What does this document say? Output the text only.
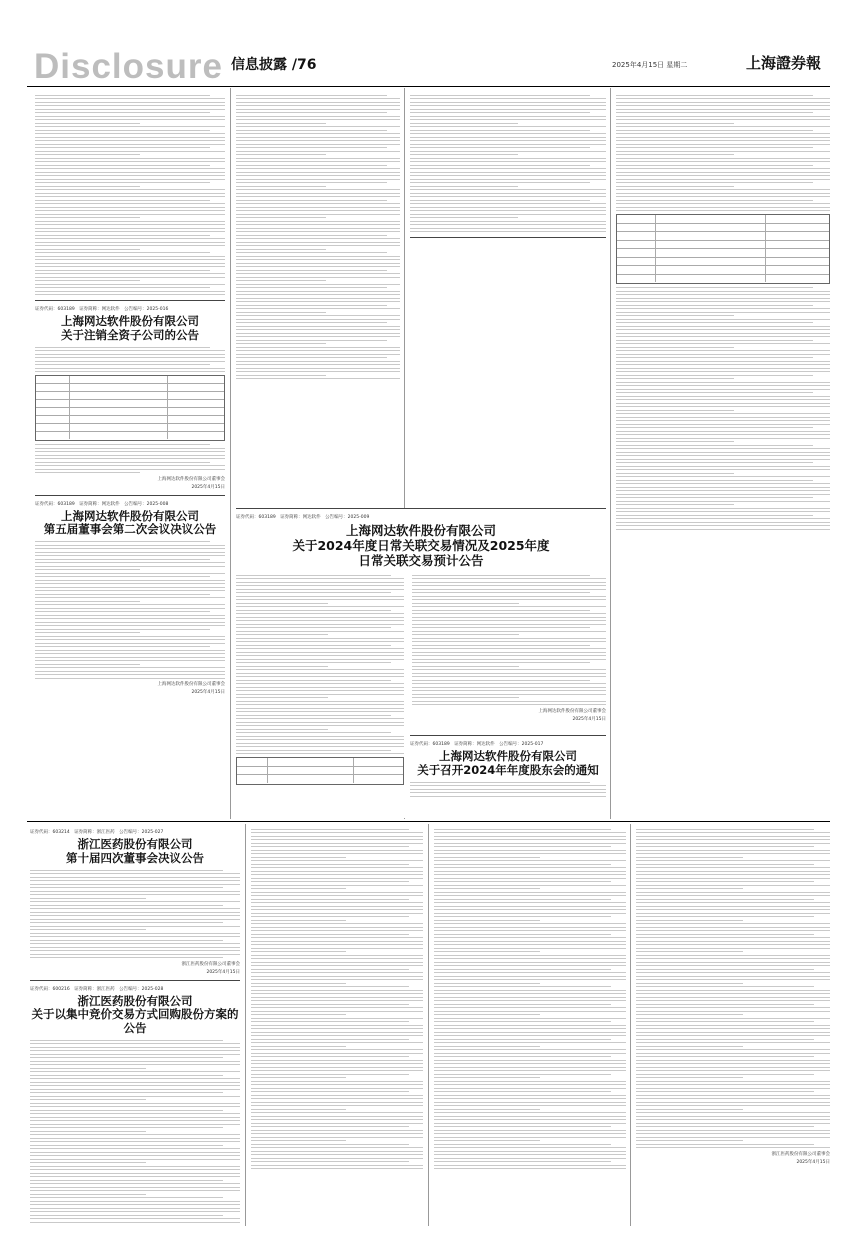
Disclosure 信息披露 /76	2025年4月15日 星期二	上海證券報
证券代码：603189　证券简称：网达软件　公告编号：2025-016
上海网达软件股份有限公司
关于注销全资子公司的公告
上海网达软件股份有限公司董事会
2025年4月15日
证券代码：603189　证券简称：网达软件　公告编号：2025-008
上海网达软件股份有限公司
第五届董事会第二次会议决议公告
上海网达软件股份有限公司董事会
2025年4月15日
证券代码：603189　证券简称：网达软件　公告编号：2025-009
上海网达软件股份有限公司
关于2024年度日常关联交易情况及2025年度
日常关联交易预计公告
上海网达软件股份有限公司董事会
2025年4月15日
证券代码：603189　证券简称：网达软件　公告编号：2025-017
上海网达软件股份有限公司
关于召开2024年年度股东会的通知
证券代码：603214　证券简称：浙江医药　公告编号：2025-027
浙江医药股份有限公司
第十届四次董事会决议公告
浙江医药股份有限公司董事会
2025年4月15日
证券代码：600216　证券简称：浙江医药　公告编号：2025-028
浙江医药股份有限公司
关于以集中竞价交易方式回购股份方案的公告
浙江医药股份有限公司董事会
2025年4月15日
